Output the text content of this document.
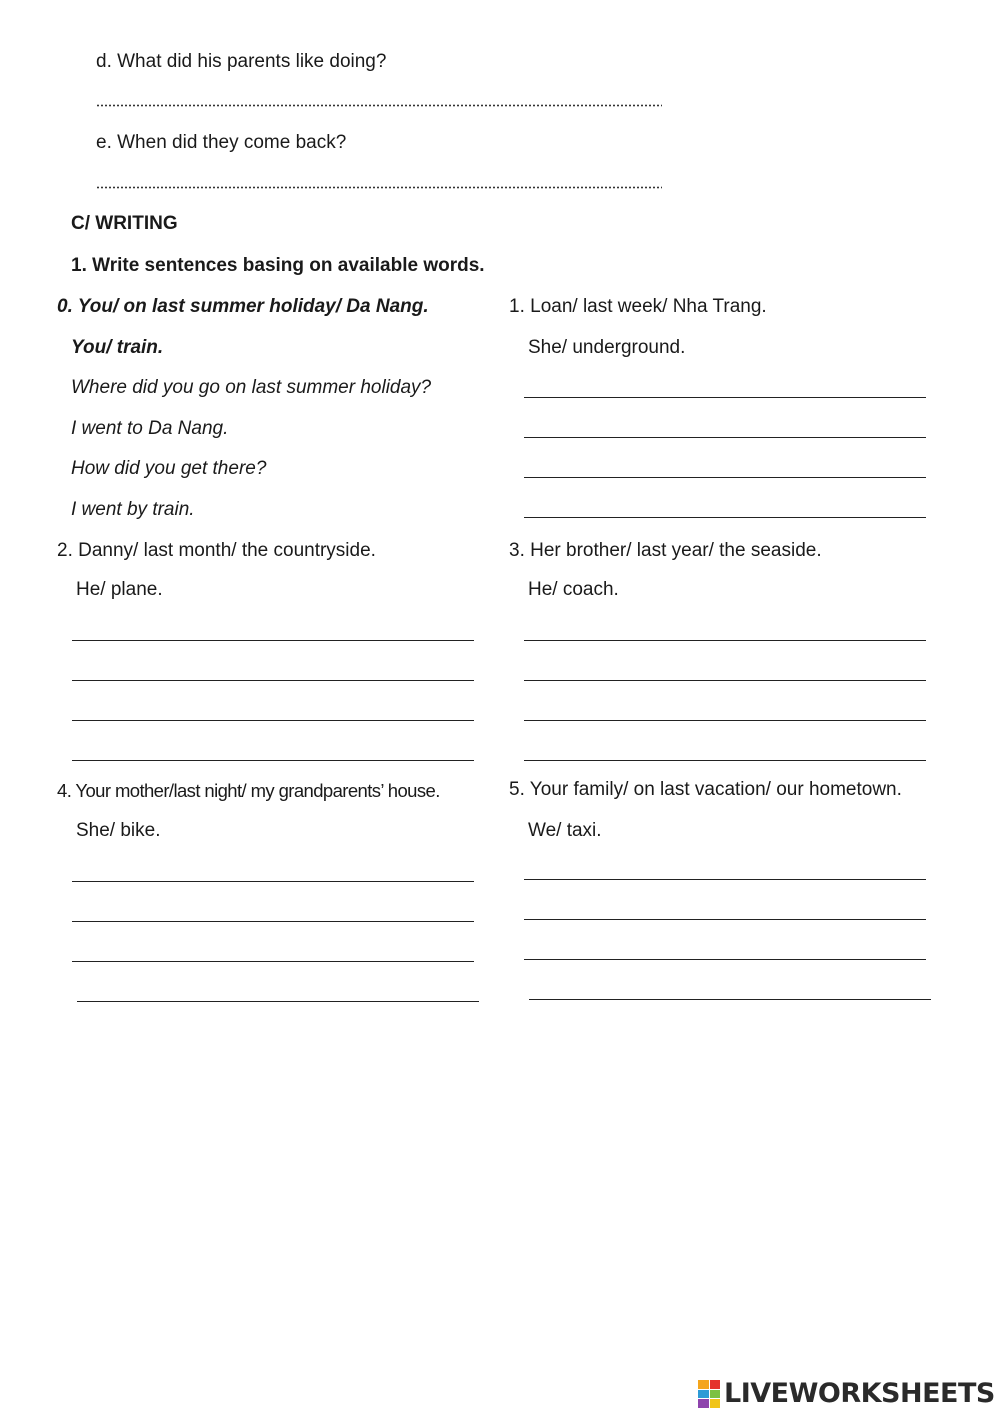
d. What did his parents like doing?
e. When did they come back?
C/ WRITING
1. Write sentences basing on available words.
0. You/ on last summer holiday/ Da Nang.
You/ train.
Where did you go on last summer holiday?
I went to Da Nang.
How did you get there?
I went by train.
1. Loan/ last week/ Nha Trang.
She/ underground.
2. Danny/ last month/ the countryside.
He/ plane.
3. Her brother/ last year/ the seaside.
He/ coach.
4. Your mother/last night/ my grandparents’ house.
She/ bike.
5. Your family/ on last vacation/ our hometown.
We/ taxi.
LIVEWORKSHEETS
